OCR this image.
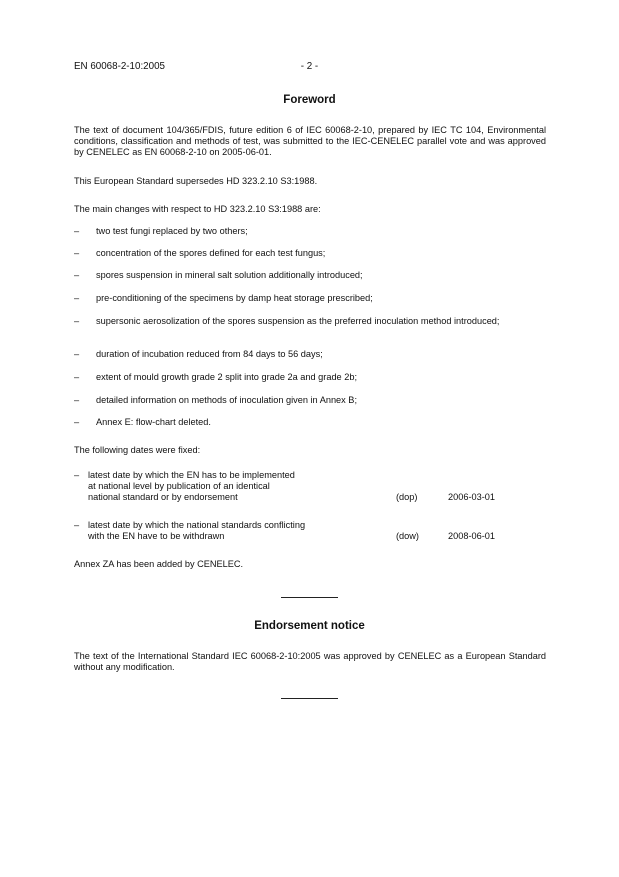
EN 60068-2-10:2005	- 2 -
Foreword
The text of document 104/365/FDIS, future edition 6 of IEC 60068-2-10, prepared by IEC TC 104, Environmental conditions, classification and methods of test, was submitted to the IEC-CENELEC parallel vote and was approved by CENELEC as EN 60068-2-10 on 2005-06-01.
This European Standard supersedes HD 323.2.10 S3:1988.
The main changes with respect to HD 323.2.10 S3:1988 are:
– two test fungi replaced by two others;
– concentration of the spores defined for each test fungus;
– spores suspension in mineral salt solution additionally introduced;
– pre-conditioning of the specimens by damp heat storage prescribed;
– supersonic aerosolization of the spores suspension as the preferred inoculation method introduced;
– duration of incubation reduced from 84 days to 56 days;
– extent of mould growth grade 2 split into grade 2a and grade 2b;
– detailed information on methods of inoculation given in Annex B;
– Annex E: flow-chart deleted.
The following dates were fixed:
– latest date by which the EN has to be implemented
at national level by publication of an identical
national standard or by endorsement	(dop)	2006-03-01
– latest date by which the national standards conflicting
with the EN have to be withdrawn	(dow)	2008-06-01
Annex ZA has been added by CENELEC.
Endorsement notice
The text of the International Standard IEC 60068-2-10:2005 was approved by CENELEC as a European Standard without any modification.
